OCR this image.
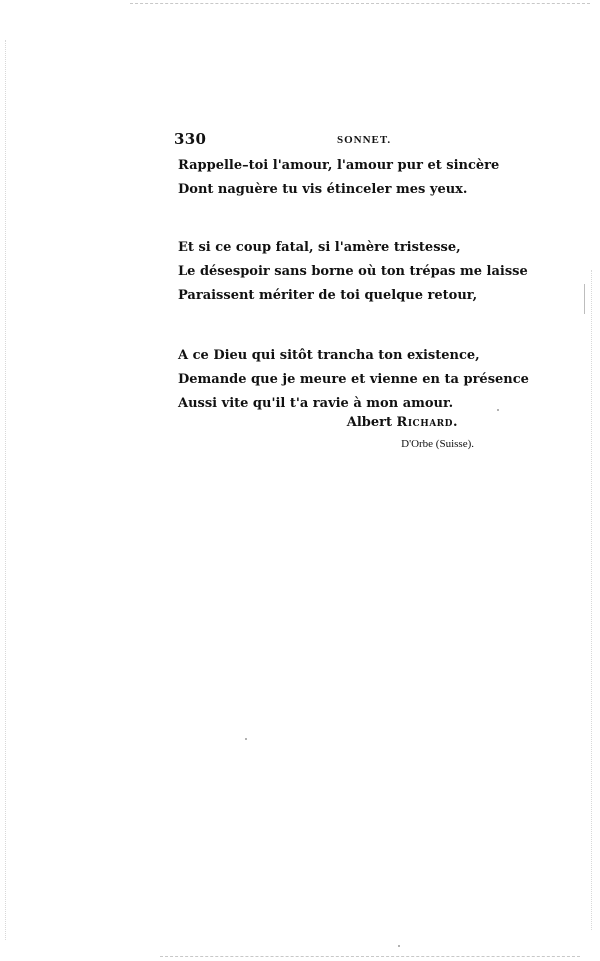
330	SONNET.
Rappelle–toi l'amour, l'amour pur et sincère
Dont naguère tu vis étinceler mes yeux.
Et si ce coup fatal, si l'amère tristesse,
Le désespoir sans borne où ton trépas me laisse
Paraissent mériter de toi quelque retour,
A ce Dieu qui sitôt trancha ton existence,
Demande que je meure et vienne en ta présence
Aussi vite qu'il t'a ravie à mon amour.
Albert Richard.
D'Orbe (Suisse).
